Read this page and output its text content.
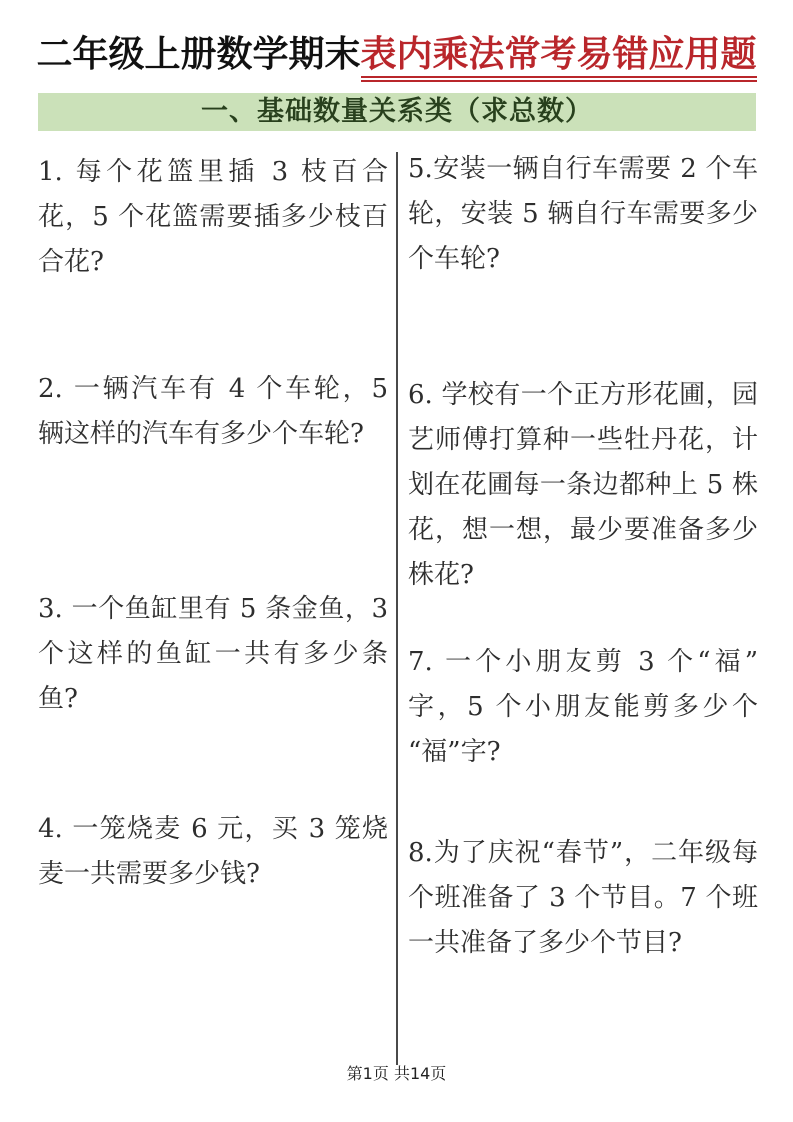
二年级上册数学期末表内乘法常考易错应用题
一、基础数量关系类（求总数）
1. 每个花篮里插 3 枝百合花，5 个花篮需要插多少枝百合花?
2. 一辆汽车有 4 个车轮，5 辆这样的汽车有多少个车轮?
3. 一个鱼缸里有 5 条金鱼，3 个这样的鱼缸一共有多少条鱼?
4. 一笼烧麦 6 元，买 3 笼烧麦一共需要多少钱?
5.安装一辆自行车需要 2 个车轮，安装 5 辆自行车需要多少个车轮?
6. 学校有一个正方形花圃，园艺师傅打算种一些牡丹花，计划在花圃每一条边都种上 5 株花，想一想，最少要准备多少株花?
7. 一个小朋友剪 3 个“福”字，5 个小朋友能剪多少个“福”字?
8.为了庆祝“春节”，二年级每个班准备了 3 个节目。7 个班一共准备了多少个节目?
第1页 共14页
